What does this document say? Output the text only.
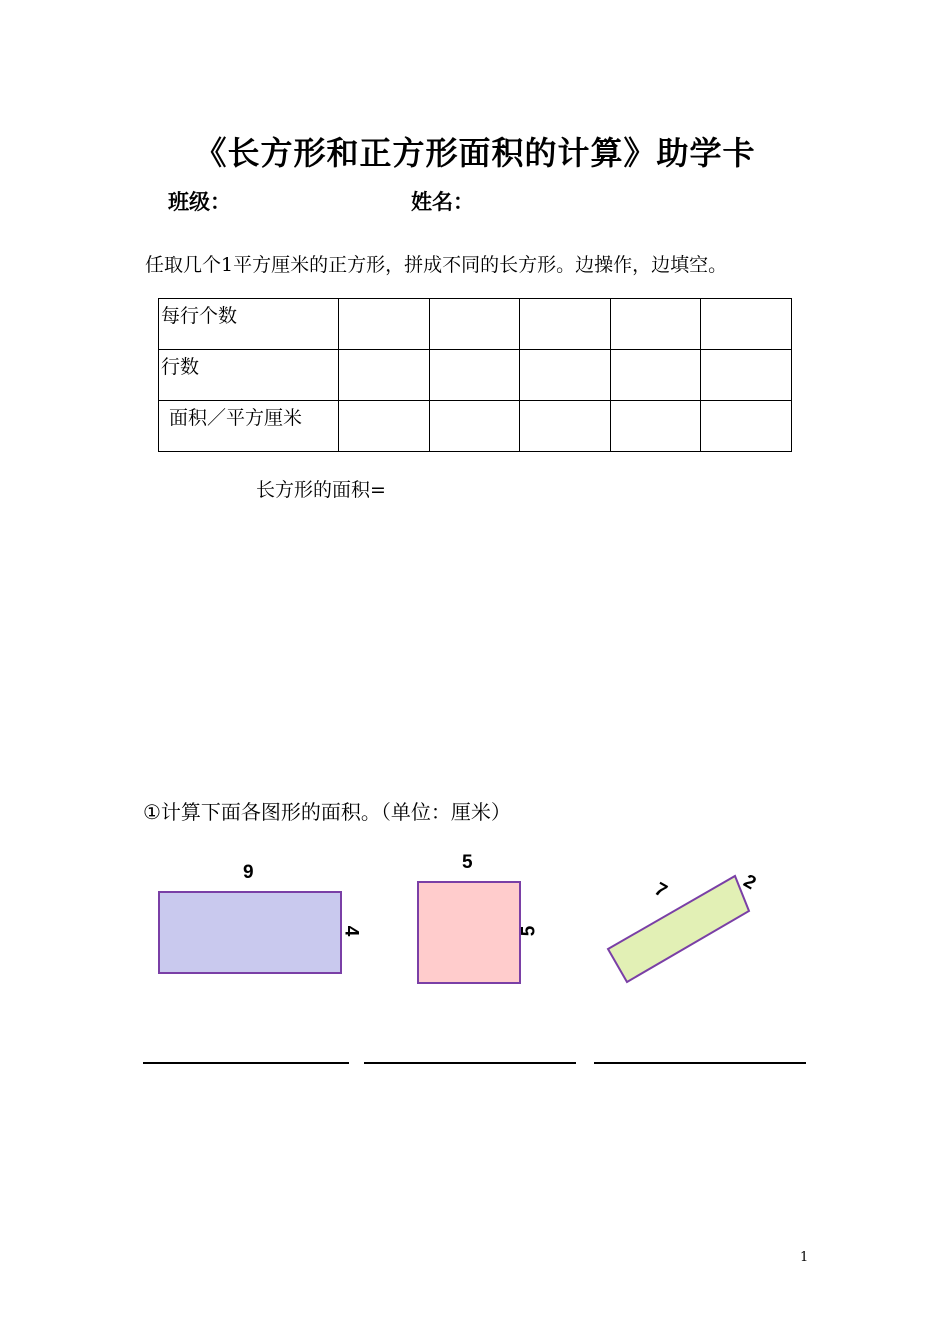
《长方形和正方形面积的计算》助学卡
班级：	姓名：
任取几个1平方厘米的正方形，拼成不同的长方形。边操作，边填空。
每行个数					
行数					
面积／平方厘米					
长方形的面积=
①计算下面各图形的面积。（单位：厘米）
9
4
5
5
7	2
1
